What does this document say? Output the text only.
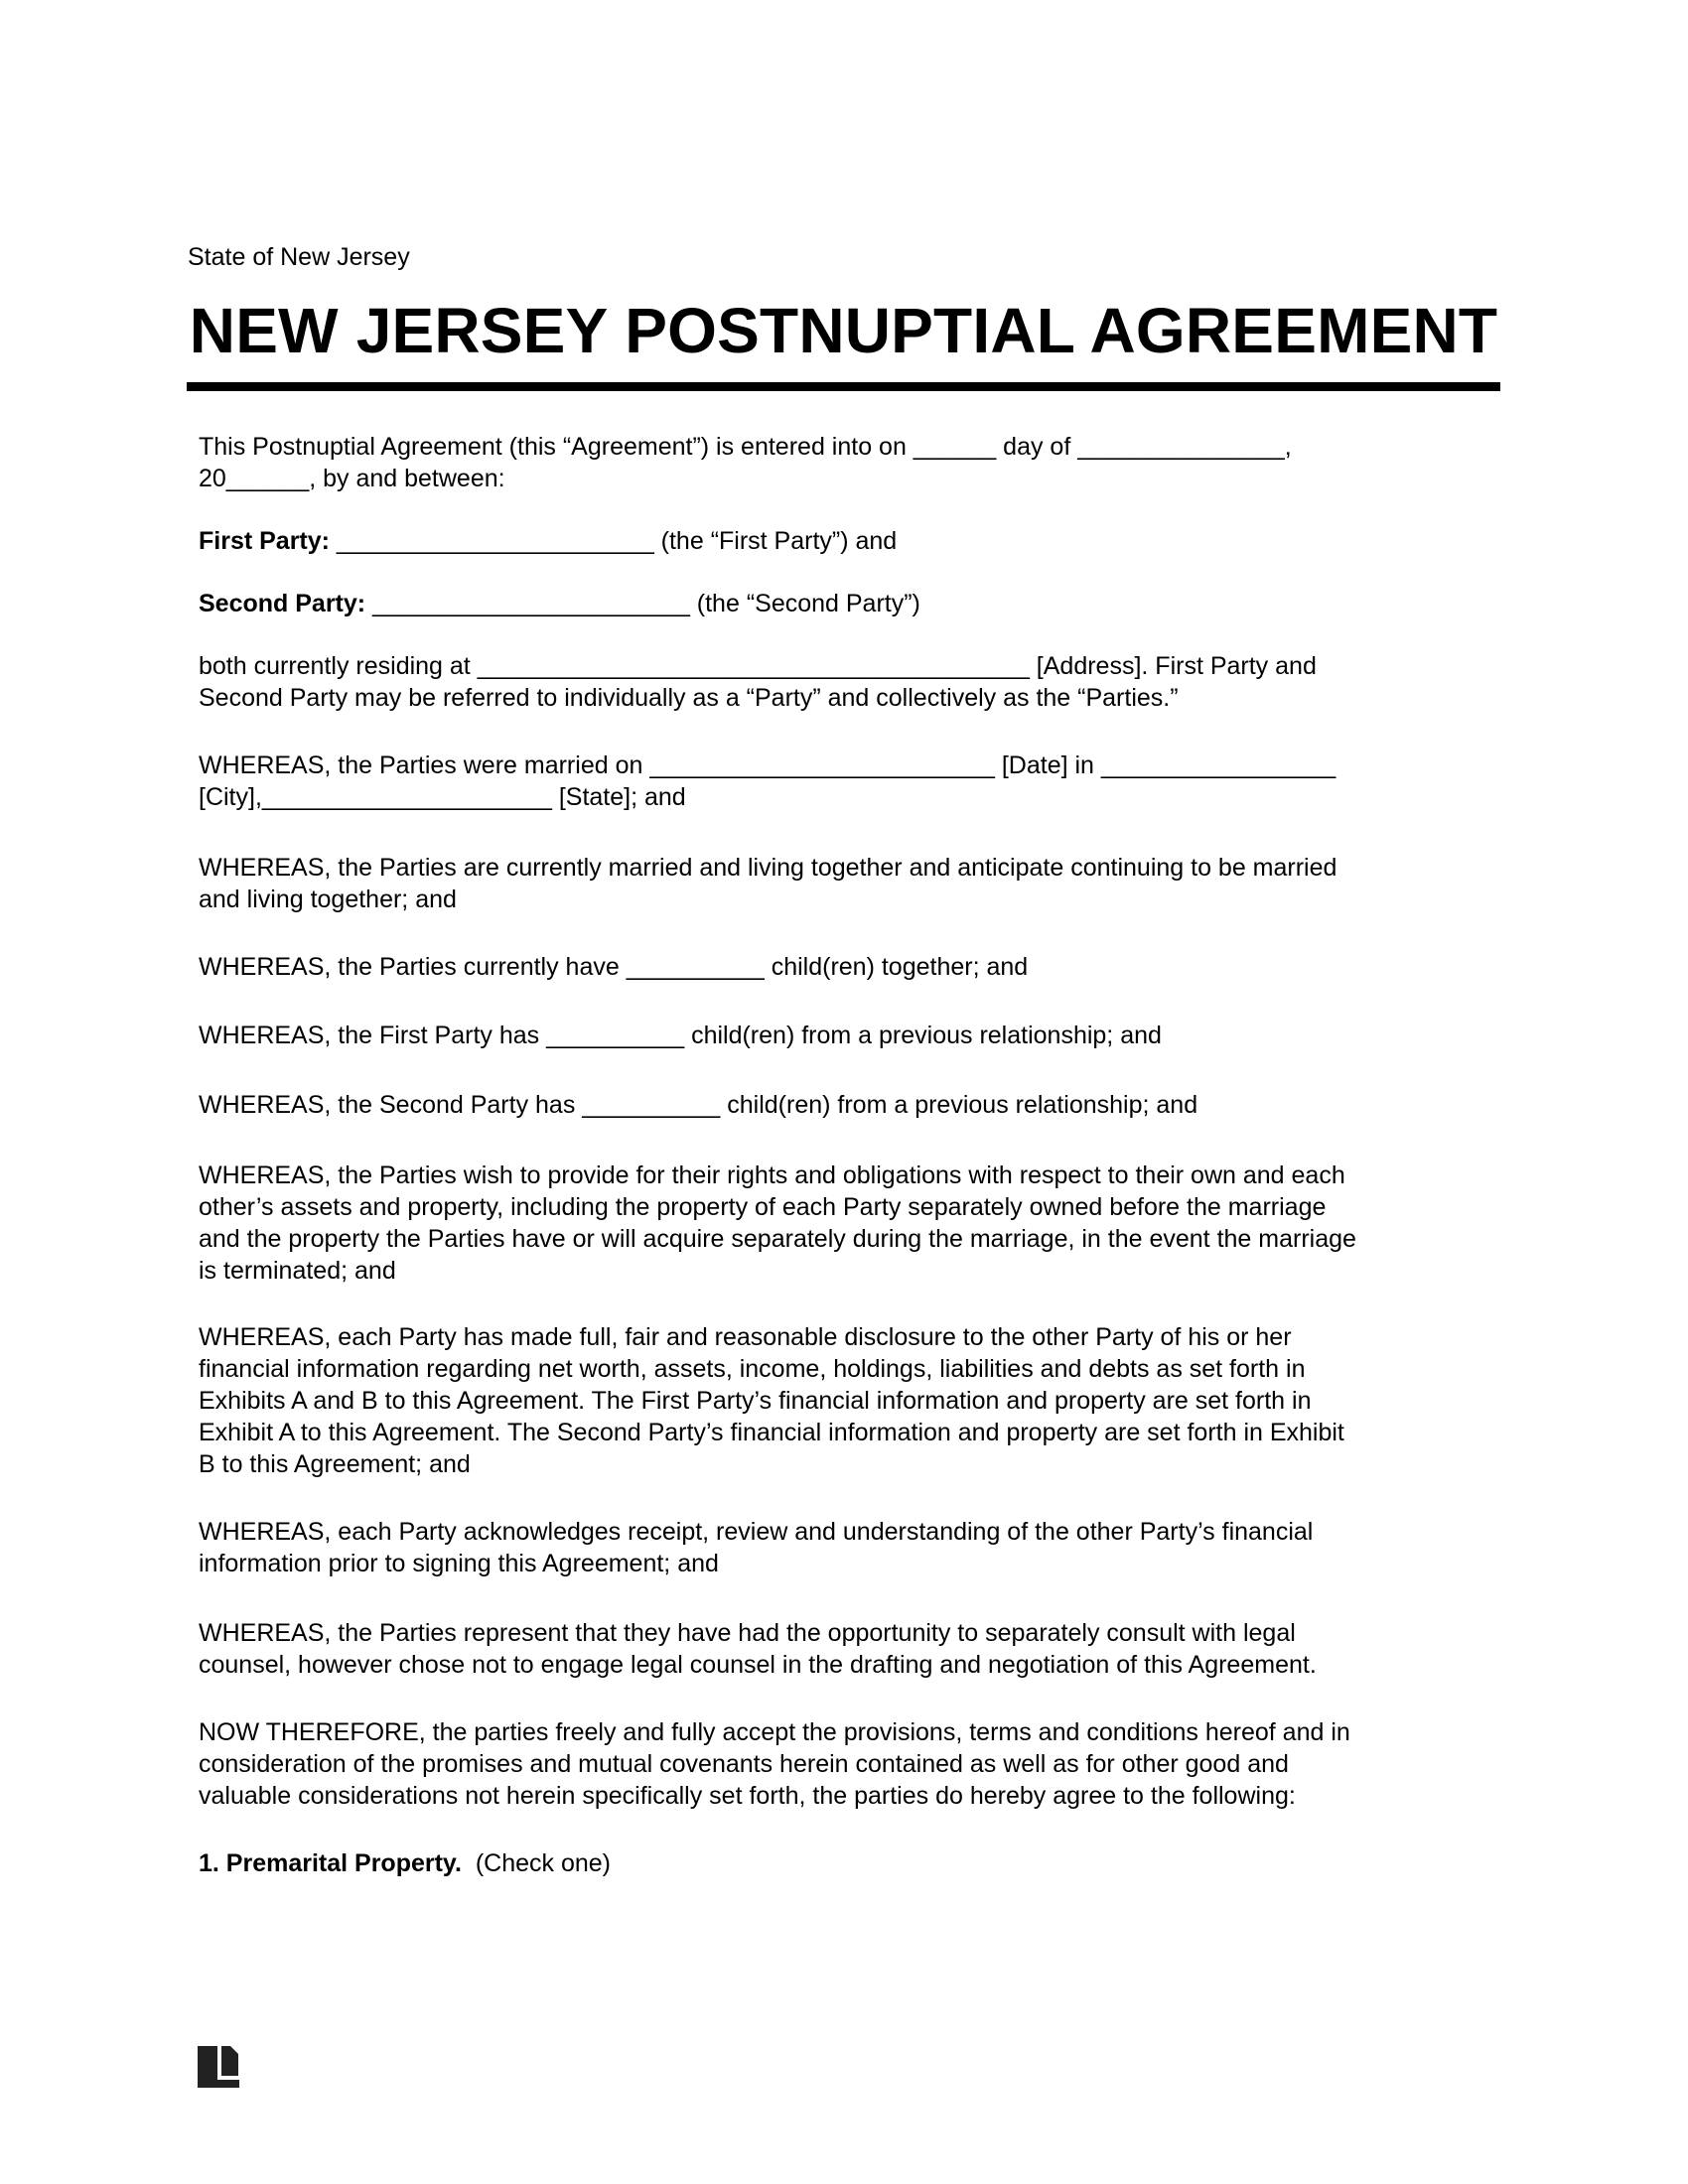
State of New Jersey
NEW JERSEY POSTNUPTIAL AGREEMENT
This Postnuptial Agreement (this “Agreement”) is entered into on ______ day of _______________,
20______, by and between:
First Party: _______________________ (the “First Party”) and
Second Party: _______________________ (the “Second Party”)
both currently residing at ________________________________________ [Address]. First Party and
Second Party may be referred to individually as a “Party” and collectively as the “Parties.”
WHEREAS, the Parties were married on _________________________ [Date] in _________________
[City],_____________________ [State]; and
WHEREAS, the Parties are currently married and living together and anticipate continuing to be married
and living together; and
WHEREAS, the Parties currently have __________ child(ren) together; and
WHEREAS, the First Party has __________ child(ren) from a previous relationship; and
WHEREAS, the Second Party has __________ child(ren) from a previous relationship; and
WHEREAS, the Parties wish to provide for their rights and obligations with respect to their own and each
other’s assets and property, including the property of each Party separately owned before the marriage
and the property the Parties have or will acquire separately during the marriage, in the event the marriage
is terminated; and
WHEREAS, each Party has made full, fair and reasonable disclosure to the other Party of his or her
financial information regarding net worth, assets, income, holdings, liabilities and debts as set forth in
Exhibits A and B to this Agreement. The First Party’s financial information and property are set forth in
Exhibit A to this Agreement. The Second Party’s financial information and property are set forth in Exhibit
B to this Agreement; and
WHEREAS, each Party acknowledges receipt, review and understanding of the other Party’s financial
information prior to signing this Agreement; and
WHEREAS, the Parties represent that they have had the opportunity to separately consult with legal
counsel, however chose not to engage legal counsel in the drafting and negotiation of this Agreement.
NOW THEREFORE, the parties freely and fully accept the provisions, terms and conditions hereof and in
consideration of the promises and mutual covenants herein contained as well as for other good and
valuable considerations not herein specifically set forth, the parties do hereby agree to the following:
1. Premarital Property.  (Check one)
